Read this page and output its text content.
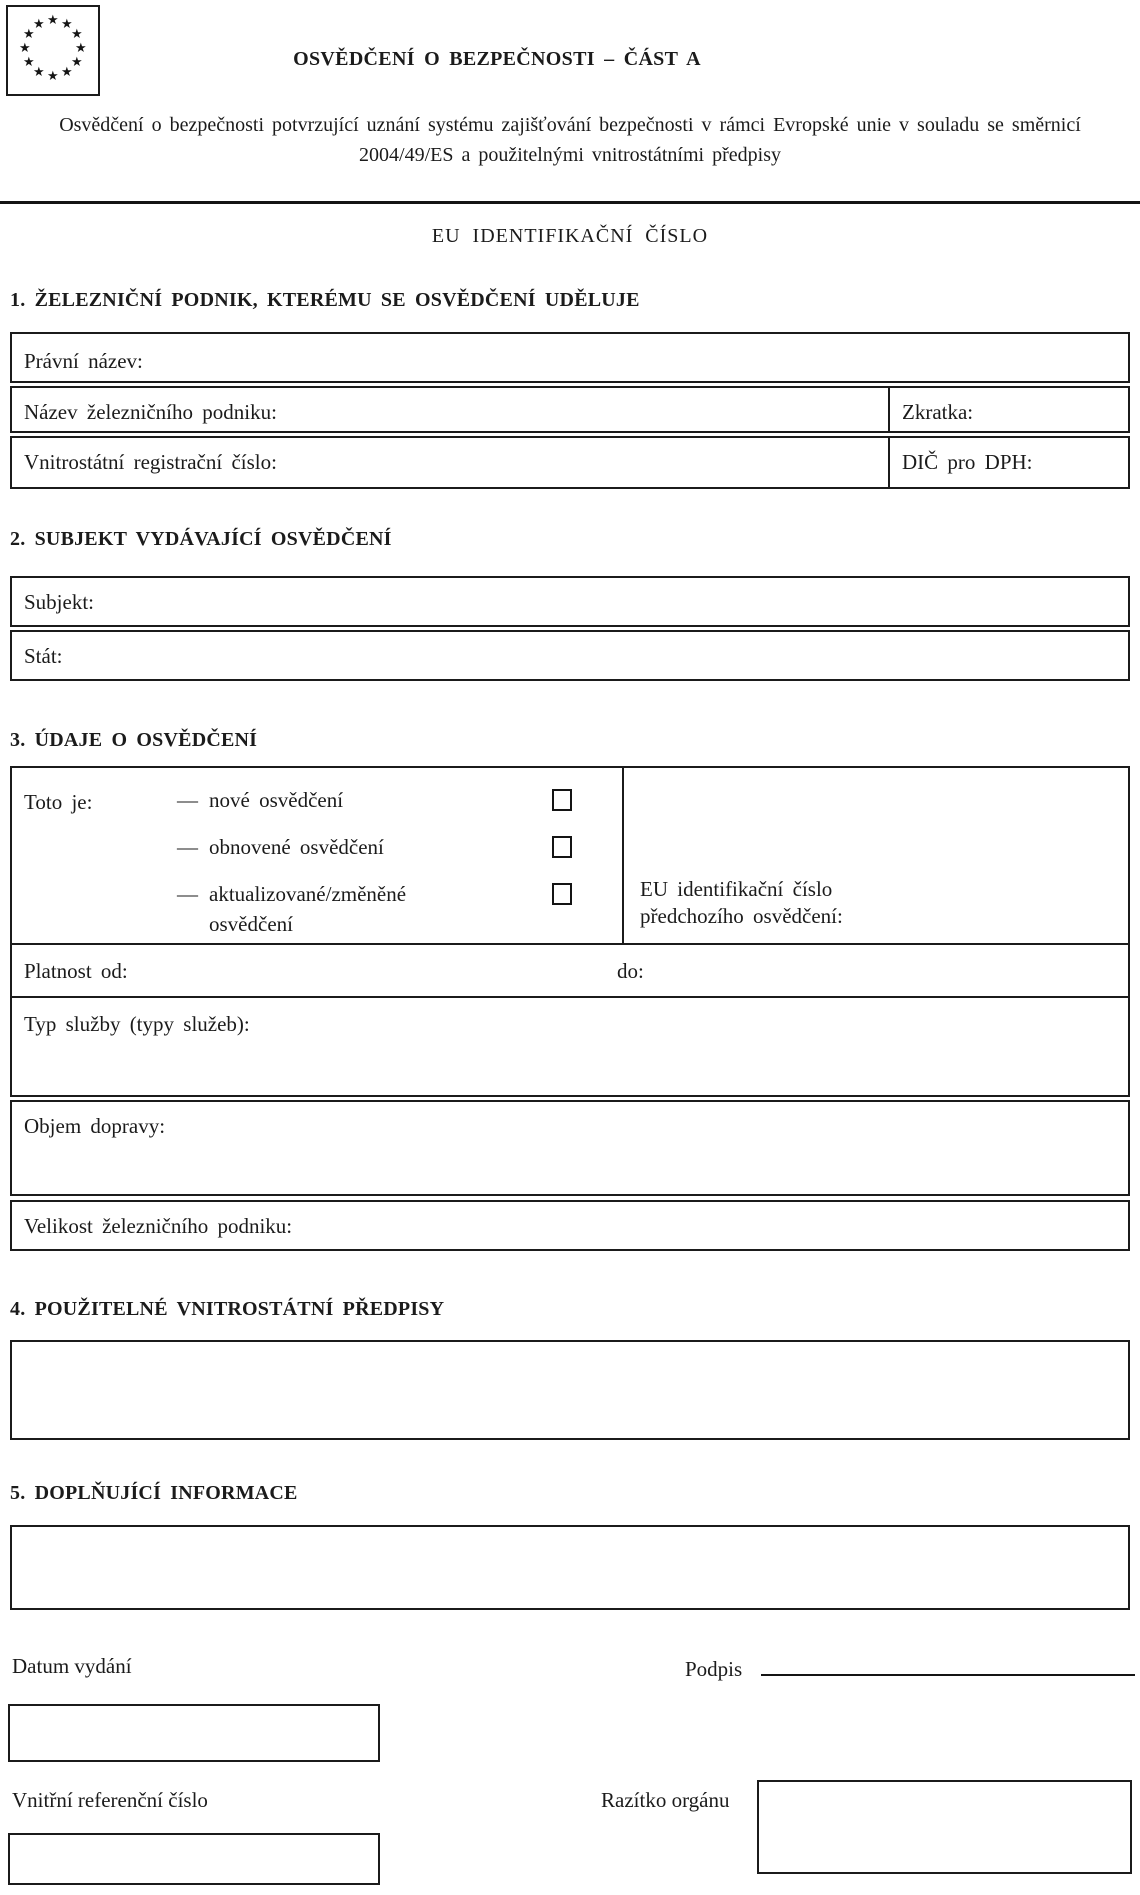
★ ★
★
★
★
★
★
★
★
★
★
★
OSVĚDČENÍ O BEZPEČNOSTI – ČÁST A
Osvědčení o bezpečnosti potvrzující uznání systému zajišťování bezpečnosti v rámci Evropské unie v souladu se směrnicí
2004/49/ES a použitelnými vnitrostátními předpisy
EU IDENTIFIKAČNÍ ČÍSLO
1. ŽELEZNIČNÍ PODNIK, KTERÉMU SE OSVĚDČENÍ UDĚLUJE
Právní název:
Název železničního podniku:	Zkratka:
Vnitrostátní registrační číslo:	DIČ pro DPH:
2. SUBJEKT VYDÁVAJÍCÍ OSVĚDČENÍ
Subjekt:
Stát:
3. ÚDAJE O OSVĚDČENÍ
Toto je:	— nové osvědčení
— obnovené osvědčení
— aktualizované/změněné
osvědčení
EU identifikační číslo
předchozího osvědčení:
Platnost od:	do:
Typ služby (typy služeb):
Objem dopravy:
Velikost železničního podniku:
4. POUŽITELNÉ VNITROSTÁTNÍ PŘEDPISY
5. DOPLŇUJÍCÍ INFORMACE
Datum vydání	Podpis
Vnitřní referenční číslo	Razítko orgánu
